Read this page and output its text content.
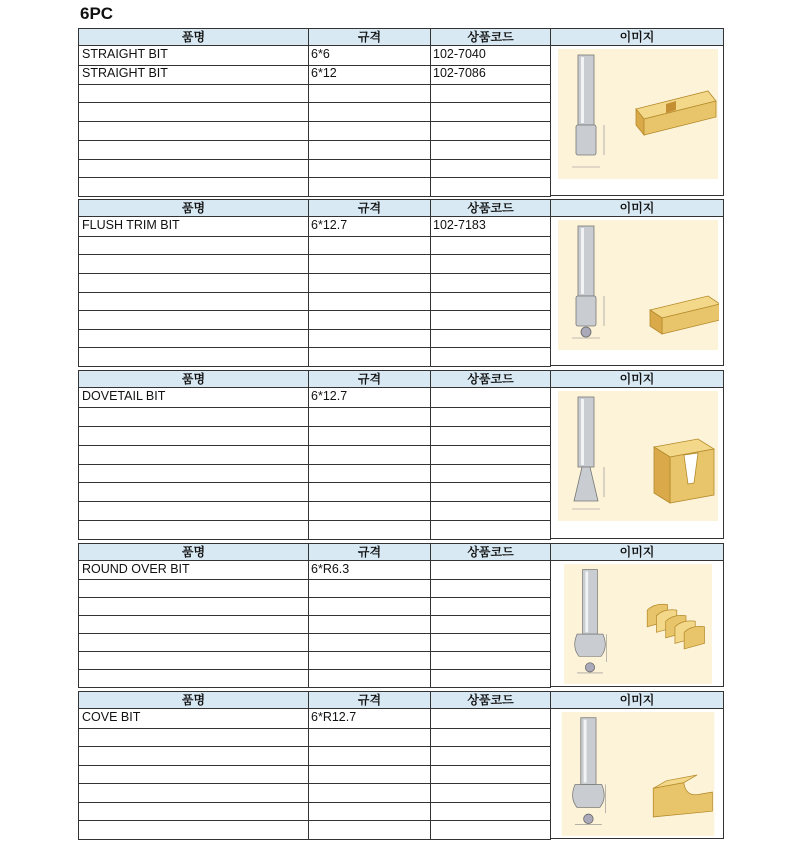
6PC
품명	규격	상품코드	이미지
STRAIGHT BIT	6*6	102-7040
STRAIGHT BIT	6*12	102-7086
품명	규격	상품코드	이미지
FLUSH TRIM BIT	6*12.7	102-7183
품명	규격	상품코드	이미지
DOVETAIL BIT	6*12.7
품명	규격	상품코드	이미지
ROUND OVER BIT	6*R6.3
품명	규격	상품코드	이미지
COVE BIT	6*R12.7
